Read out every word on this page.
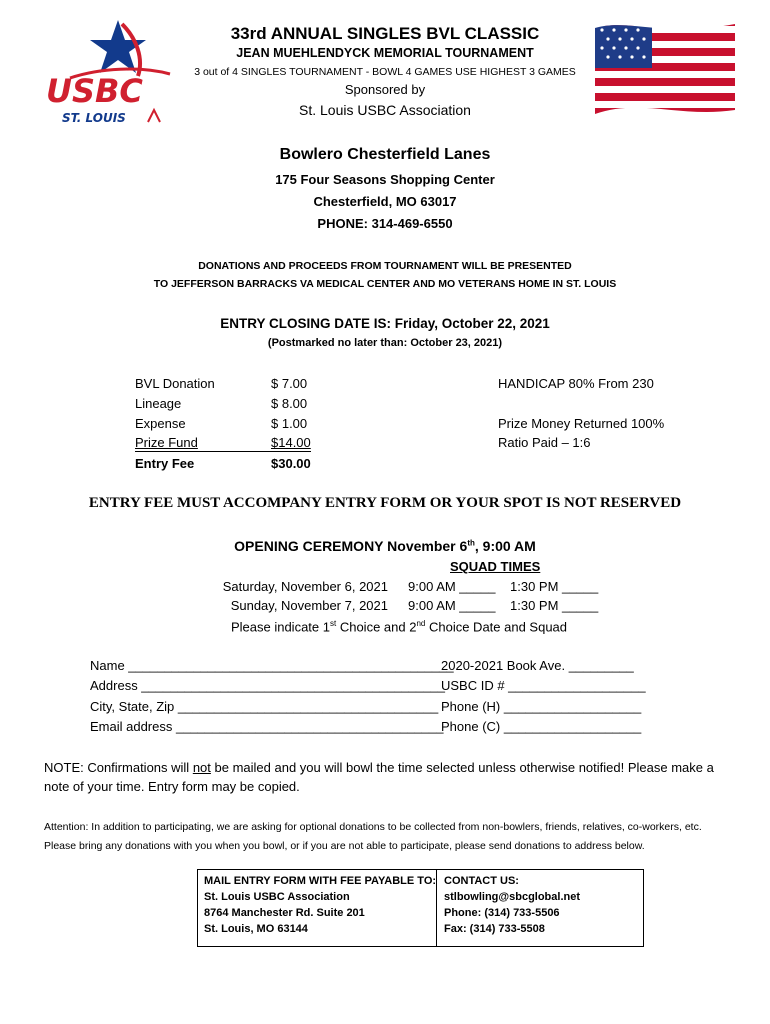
USBC
ST. LOUIS
33rd ANNUAL SINGLES BVL CLASSIC
JEAN MUEHLENDYCK MEMORIAL TOURNAMENT
3 out of 4 SINGLES TOURNAMENT - BOWL 4 GAMES USE HIGHEST 3 GAMES
Sponsored by
St. Louis USBC Association
Bowlero Chesterfield Lanes
175 Four Seasons Shopping Center
Chesterfield, MO 63017
PHONE: 314-469-6550
DONATIONS AND PROCEEDS FROM TOURNAMENT WILL BE PRESENTED
TO JEFFERSON BARRACKS VA MEDICAL CENTER AND MO VETERANS HOME IN ST. LOUIS
ENTRY CLOSING DATE IS: Friday, October 22, 2021
(Postmarked no later than: October 23, 2021)
BVL Donation	$ 7.00
Lineage	$ 8.00
Expense	$ 1.00
Prize Fund	$14.00
Entry Fee	$30.00
HANDICAP 80% From 230
Prize Money Returned 100%
Ratio Paid – 1:6
ENTRY FEE MUST ACCOMPANY ENTRY FORM OR YOUR SPOT IS NOT RESERVED
OPENING CEREMONY November 6th, 9:00 AM
SQUAD TIMES
Saturday, November 6, 2021 9:00 AM _____ 1:30 PM _____
Sunday, November 7, 2021 9:00 AM _____ 1:30 PM _____
Please indicate 1st Choice and 2nd Choice Date and Squad
Name _____________________________________________
Address __________________________________________
City, State, Zip ____________________________________
Email address _____________________________________
2020-2021 Book Ave. _________
USBC ID # ___________________
Phone (H) ___________________
Phone (C) ___________________
NOTE: Confirmations will not be mailed and you will bowl the time selected unless otherwise notified! Please make a note of your time. Entry form may be copied.
Attention: In addition to participating, we are asking for optional donations to be collected from non-bowlers, friends, relatives, co-workers, etc. Please bring any donations with you when you bowl, or if you are not able to participate, please send donations to address below.
MAIL ENTRY FORM WITH FEE PAYABLE TO:
St. Louis USBC Association
8764 Manchester Rd. Suite 201
St. Louis, MO 63144
CONTACT US:
stlbowling@sbcglobal.net
Phone: (314) 733-5506
Fax: (314) 733-5508
